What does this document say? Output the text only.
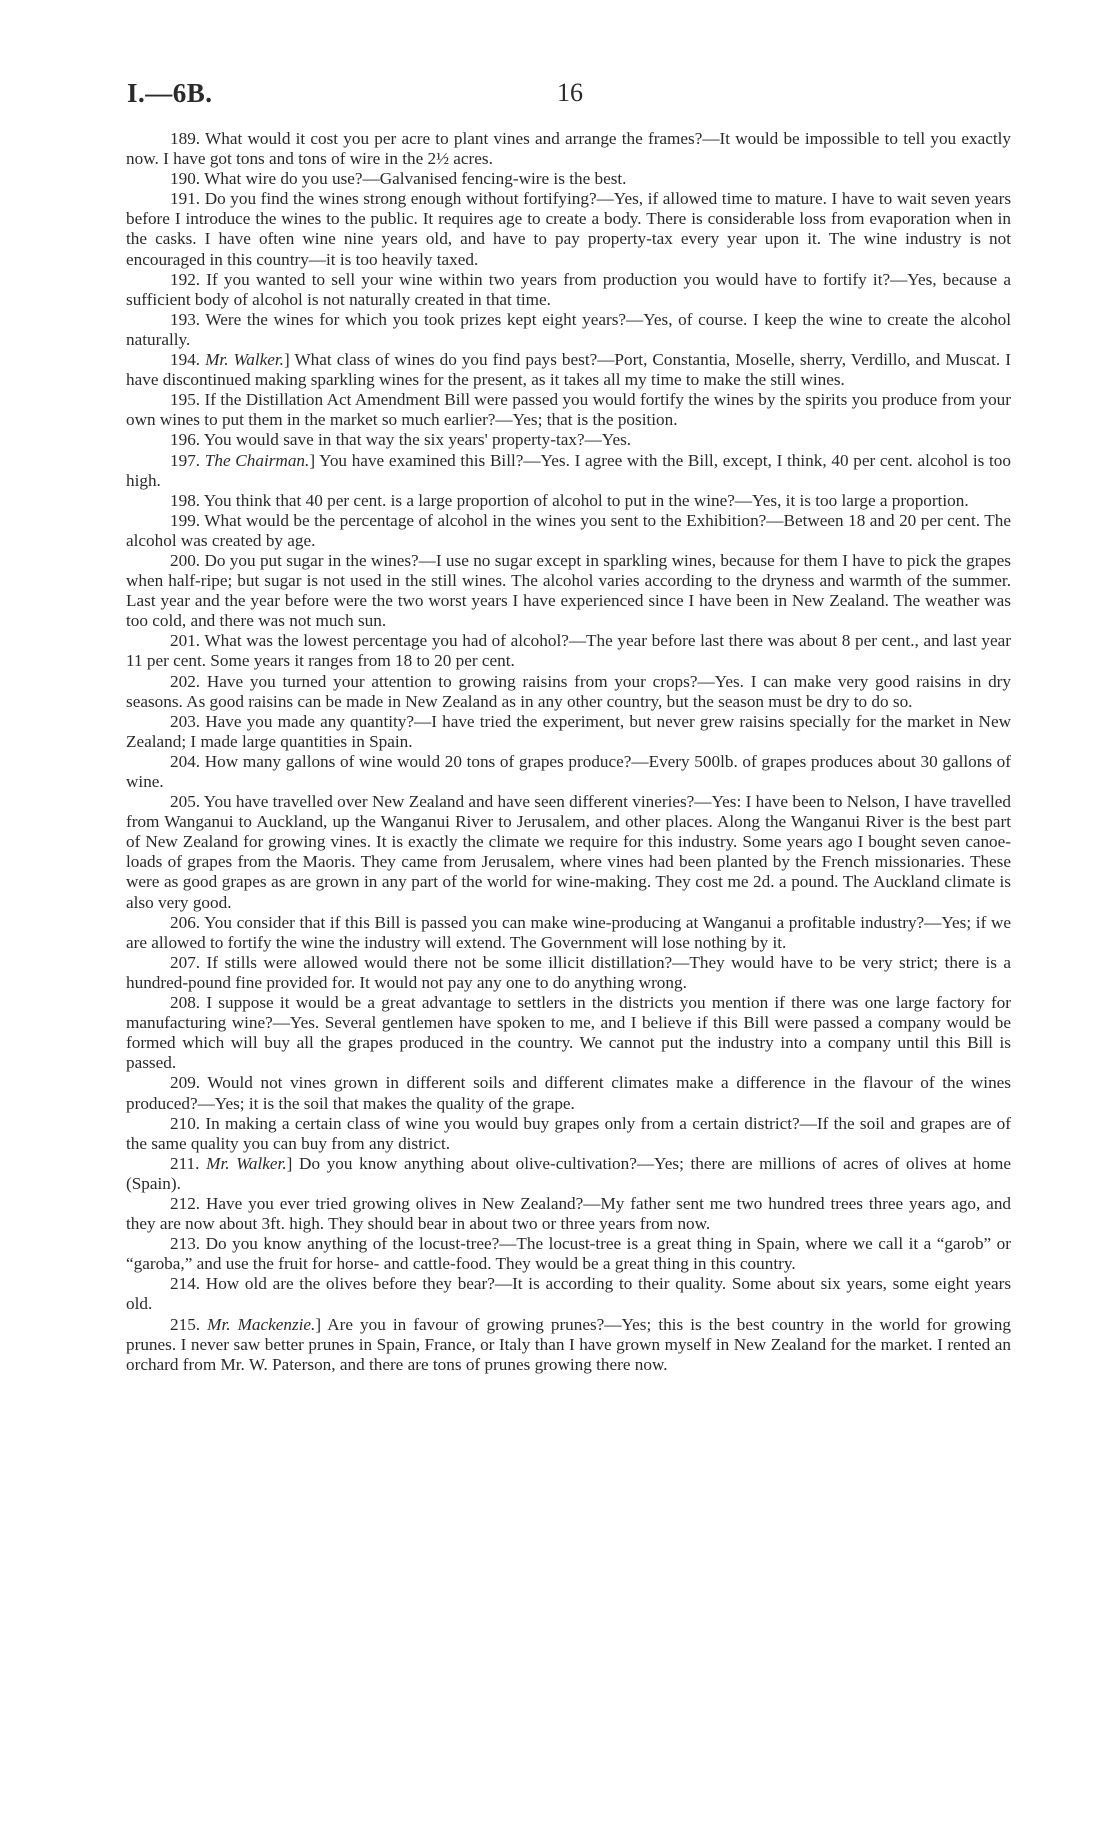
I.—6B.	16

189. What would it cost you per acre to plant vines and arrange the frames?—It would be impossible to tell you exactly now. I have got tons and tons of wire in the 2½ acres.

190. What wire do you use?—Galvanised fencing-wire is the best.

191. Do you find the wines strong enough without fortifying?—Yes, if allowed time to mature. I have to wait seven years before I introduce the wines to the public. It requires age to create a body. There is considerable loss from evaporation when in the casks. I have often wine nine years old, and have to pay property-tax every year upon it. The wine industry is not encouraged in this country—it is too heavily taxed.

192. If you wanted to sell your wine within two years from production you would have to fortify it?—Yes, because a sufficient body of alcohol is not naturally created in that time.

193. Were the wines for which you took prizes kept eight years?—Yes, of course. I keep the wine to create the alcohol naturally.

194. Mr. Walker.] What class of wines do you find pays best?—Port, Constantia, Moselle, sherry, Verdillo, and Muscat. I have discontinued making sparkling wines for the present, as it takes all my time to make the still wines.

195. If the Distillation Act Amendment Bill were passed you would fortify the wines by the spirits you produce from your own wines to put them in the market so much earlier?—Yes; that is the position.

196. You would save in that way the six years' property-tax?—Yes.

197. The Chairman.] You have examined this Bill?—Yes. I agree with the Bill, except, I think, 40 per cent. alcohol is too high.

198. You think that 40 per cent. is a large proportion of alcohol to put in the wine?—Yes, it is too large a proportion.

199. What would be the percentage of alcohol in the wines you sent to the Exhibition?—Between 18 and 20 per cent. The alcohol was created by age.

200. Do you put sugar in the wines?—I use no sugar except in sparkling wines, because for them I have to pick the grapes when half-ripe; but sugar is not used in the still wines. The alcohol varies according to the dryness and warmth of the summer. Last year and the year before were the two worst years I have experienced since I have been in New Zealand. The weather was too cold, and there was not much sun.

201. What was the lowest percentage you had of alcohol?—The year before last there was about 8 per cent., and last year 11 per cent. Some years it ranges from 18 to 20 per cent.

202. Have you turned your attention to growing raisins from your crops?—Yes. I can make very good raisins in dry seasons. As good raisins can be made in New Zealand as in any other country, but the season must be dry to do so.

203. Have you made any quantity?—I have tried the experiment, but never grew raisins specially for the market in New Zealand; I made large quantities in Spain.

204. How many gallons of wine would 20 tons of grapes produce?—Every 500lb. of grapes produces about 30 gallons of wine.

205. You have travelled over New Zealand and have seen different vineries?—Yes: I have been to Nelson, I have travelled from Wanganui to Auckland, up the Wanganui River to Jerusalem, and other places. Along the Wanganui River is the best part of New Zealand for growing vines. It is exactly the climate we require for this industry. Some years ago I bought seven canoe-loads of grapes from the Maoris. They came from Jerusalem, where vines had been planted by the French missionaries. These were as good grapes as are grown in any part of the world for wine-making. They cost me 2d. a pound. The Auckland climate is also very good.

206. You consider that if this Bill is passed you can make wine-producing at Wanganui a profitable industry?—Yes; if we are allowed to fortify the wine the industry will extend. The Government will lose nothing by it.

207. If stills were allowed would there not be some illicit distillation?—They would have to be very strict; there is a hundred-pound fine provided for. It would not pay any one to do anything wrong.

208. I suppose it would be a great advantage to settlers in the districts you mention if there was one large factory for manufacturing wine?—Yes. Several gentlemen have spoken to me, and I believe if this Bill were passed a company would be formed which will buy all the grapes produced in the country. We cannot put the industry into a company until this Bill is passed.

209. Would not vines grown in different soils and different climates make a difference in the flavour of the wines produced?—Yes; it is the soil that makes the quality of the grape.

210. In making a certain class of wine you would buy grapes only from a certain district?—If the soil and grapes are of the same quality you can buy from any district.

211. Mr. Walker.] Do you know anything about olive-cultivation?—Yes; there are millions of acres of olives at home (Spain).

212. Have you ever tried growing olives in New Zealand?—My father sent me two hundred trees three years ago, and they are now about 3ft. high. They should bear in about two or three years from now.

213. Do you know anything of the locust-tree?—The locust-tree is a great thing in Spain, where we call it a “garob” or “garoba,” and use the fruit for horse- and cattle-food. They would be a great thing in this country.

214. How old are the olives before they bear?—It is according to their quality. Some about six years, some eight years old.

215. Mr. Mackenzie.] Are you in favour of growing prunes?—Yes; this is the best country in the world for growing prunes. I never saw better prunes in Spain, France, or Italy than I have grown myself in New Zealand for the market. I rented an orchard from Mr. W. Paterson, and there are tons of prunes growing there now.
